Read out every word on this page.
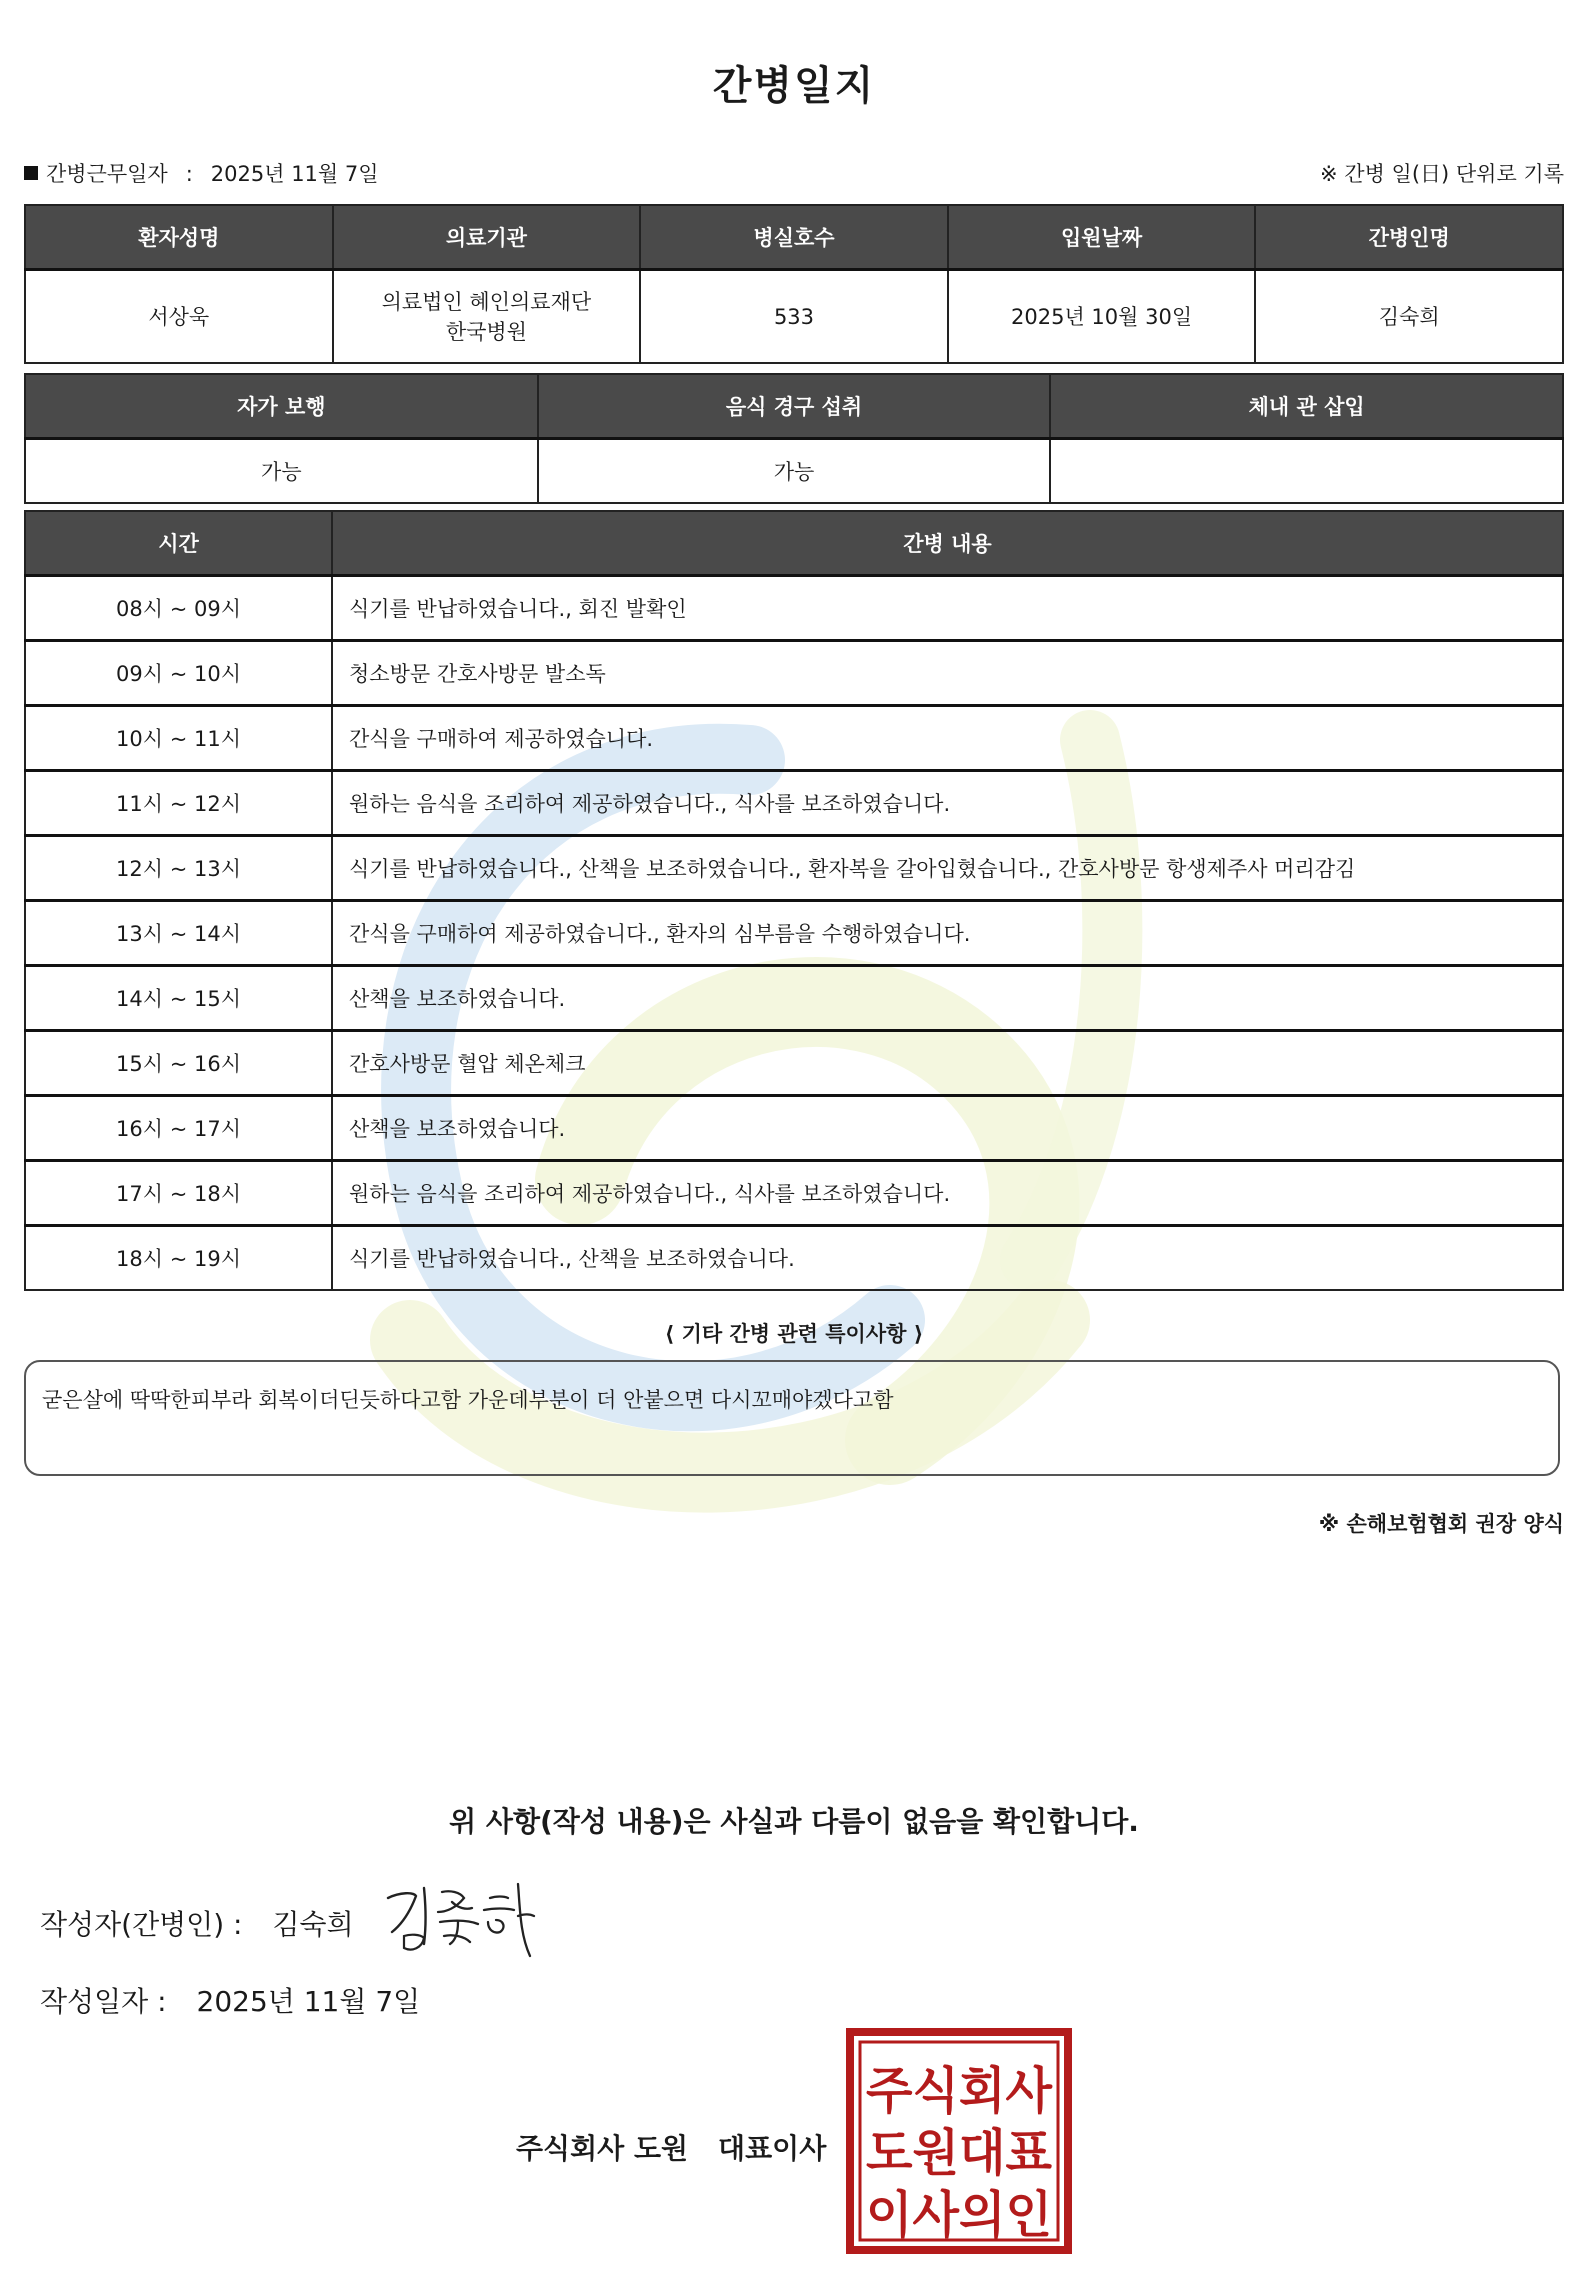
간병일지
간병근무일자 : 2025년 11월 7일	※ 간병 일(日) 단위로 기록
환자성명	의료기관	병실호수	입원날짜	간병인명
서상욱	의료법인 혜인의료재단 한국병원	533	2025년 10월 30일	김숙희
자가 보행	음식 경구 섭취	체내 관 삽입
가능	가능	
시간	간병 내용
08시 ~ 09시	식기를 반납하였습니다., 회진 발확인
09시 ~ 10시	청소방문 간호사방문 발소독
10시 ~ 11시	간식을 구매하여 제공하였습니다.
11시 ~ 12시	원하는 음식을 조리하여 제공하였습니다., 식사를 보조하였습니다.
12시 ~ 13시	식기를 반납하였습니다., 산책을 보조하였습니다., 환자복을 갈아입혔습니다., 간호사방문 항생제주사 머리감김
13시 ~ 14시	간식을 구매하여 제공하였습니다., 환자의 심부름을 수행하였습니다.
14시 ~ 15시	산책을 보조하였습니다.
15시 ~ 16시	간호사방문 혈압 체온체크
16시 ~ 17시	산책을 보조하였습니다.
17시 ~ 18시	원하는 음식을 조리하여 제공하였습니다., 식사를 보조하였습니다.
18시 ~ 19시	식기를 반납하였습니다., 산책을 보조하였습니다.
⟨ 기타 간병 관련 특이사항 ⟩
굳은살에 딱딱한피부라 회복이더딘듯하다고함 가운데부분이 더 안붙으면 다시꼬매야겠다고함
※ 손해보험협회 권장 양식
위 사항(작성 내용)은 사실과 다름이 없음을 확인합니다.
작성자(간병인) : 김숙희
작성일자 : 2025년 11월 7일
주식회사 도원 대표이사
주식회사
도원대표
이사의인
